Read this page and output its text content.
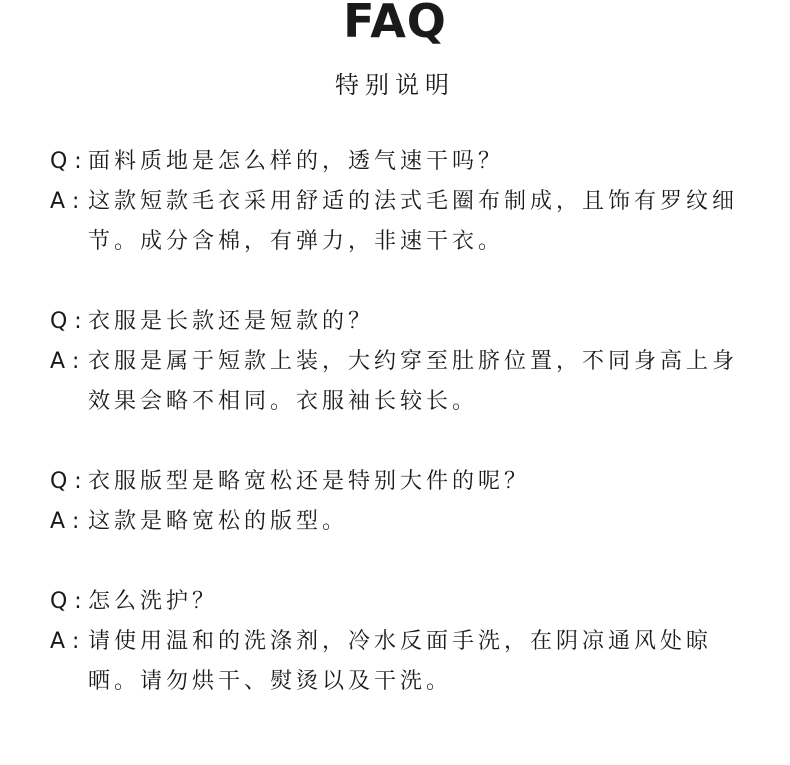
FAQ
特别说明
Q : 面料质地是怎么样的，透气速干吗？
A : 这款短款毛衣采用舒适的法式毛圈布制成，且饰有罗纹细节。成分含棉，有弹力，非速干衣。
Q : 衣服是长款还是短款的？
A : 衣服是属于短款上装，大约穿至肚脐位置，不同身高上身效果会略不相同。衣服袖长较长。
Q : 衣服版型是略宽松还是特别大件的呢？
A : 这款是略宽松的版型。
Q : 怎么洗护？
A : 请使用温和的洗涤剂，冷水反面手洗，在阴凉通风处晾晒。请勿烘干、熨烫以及干洗。
